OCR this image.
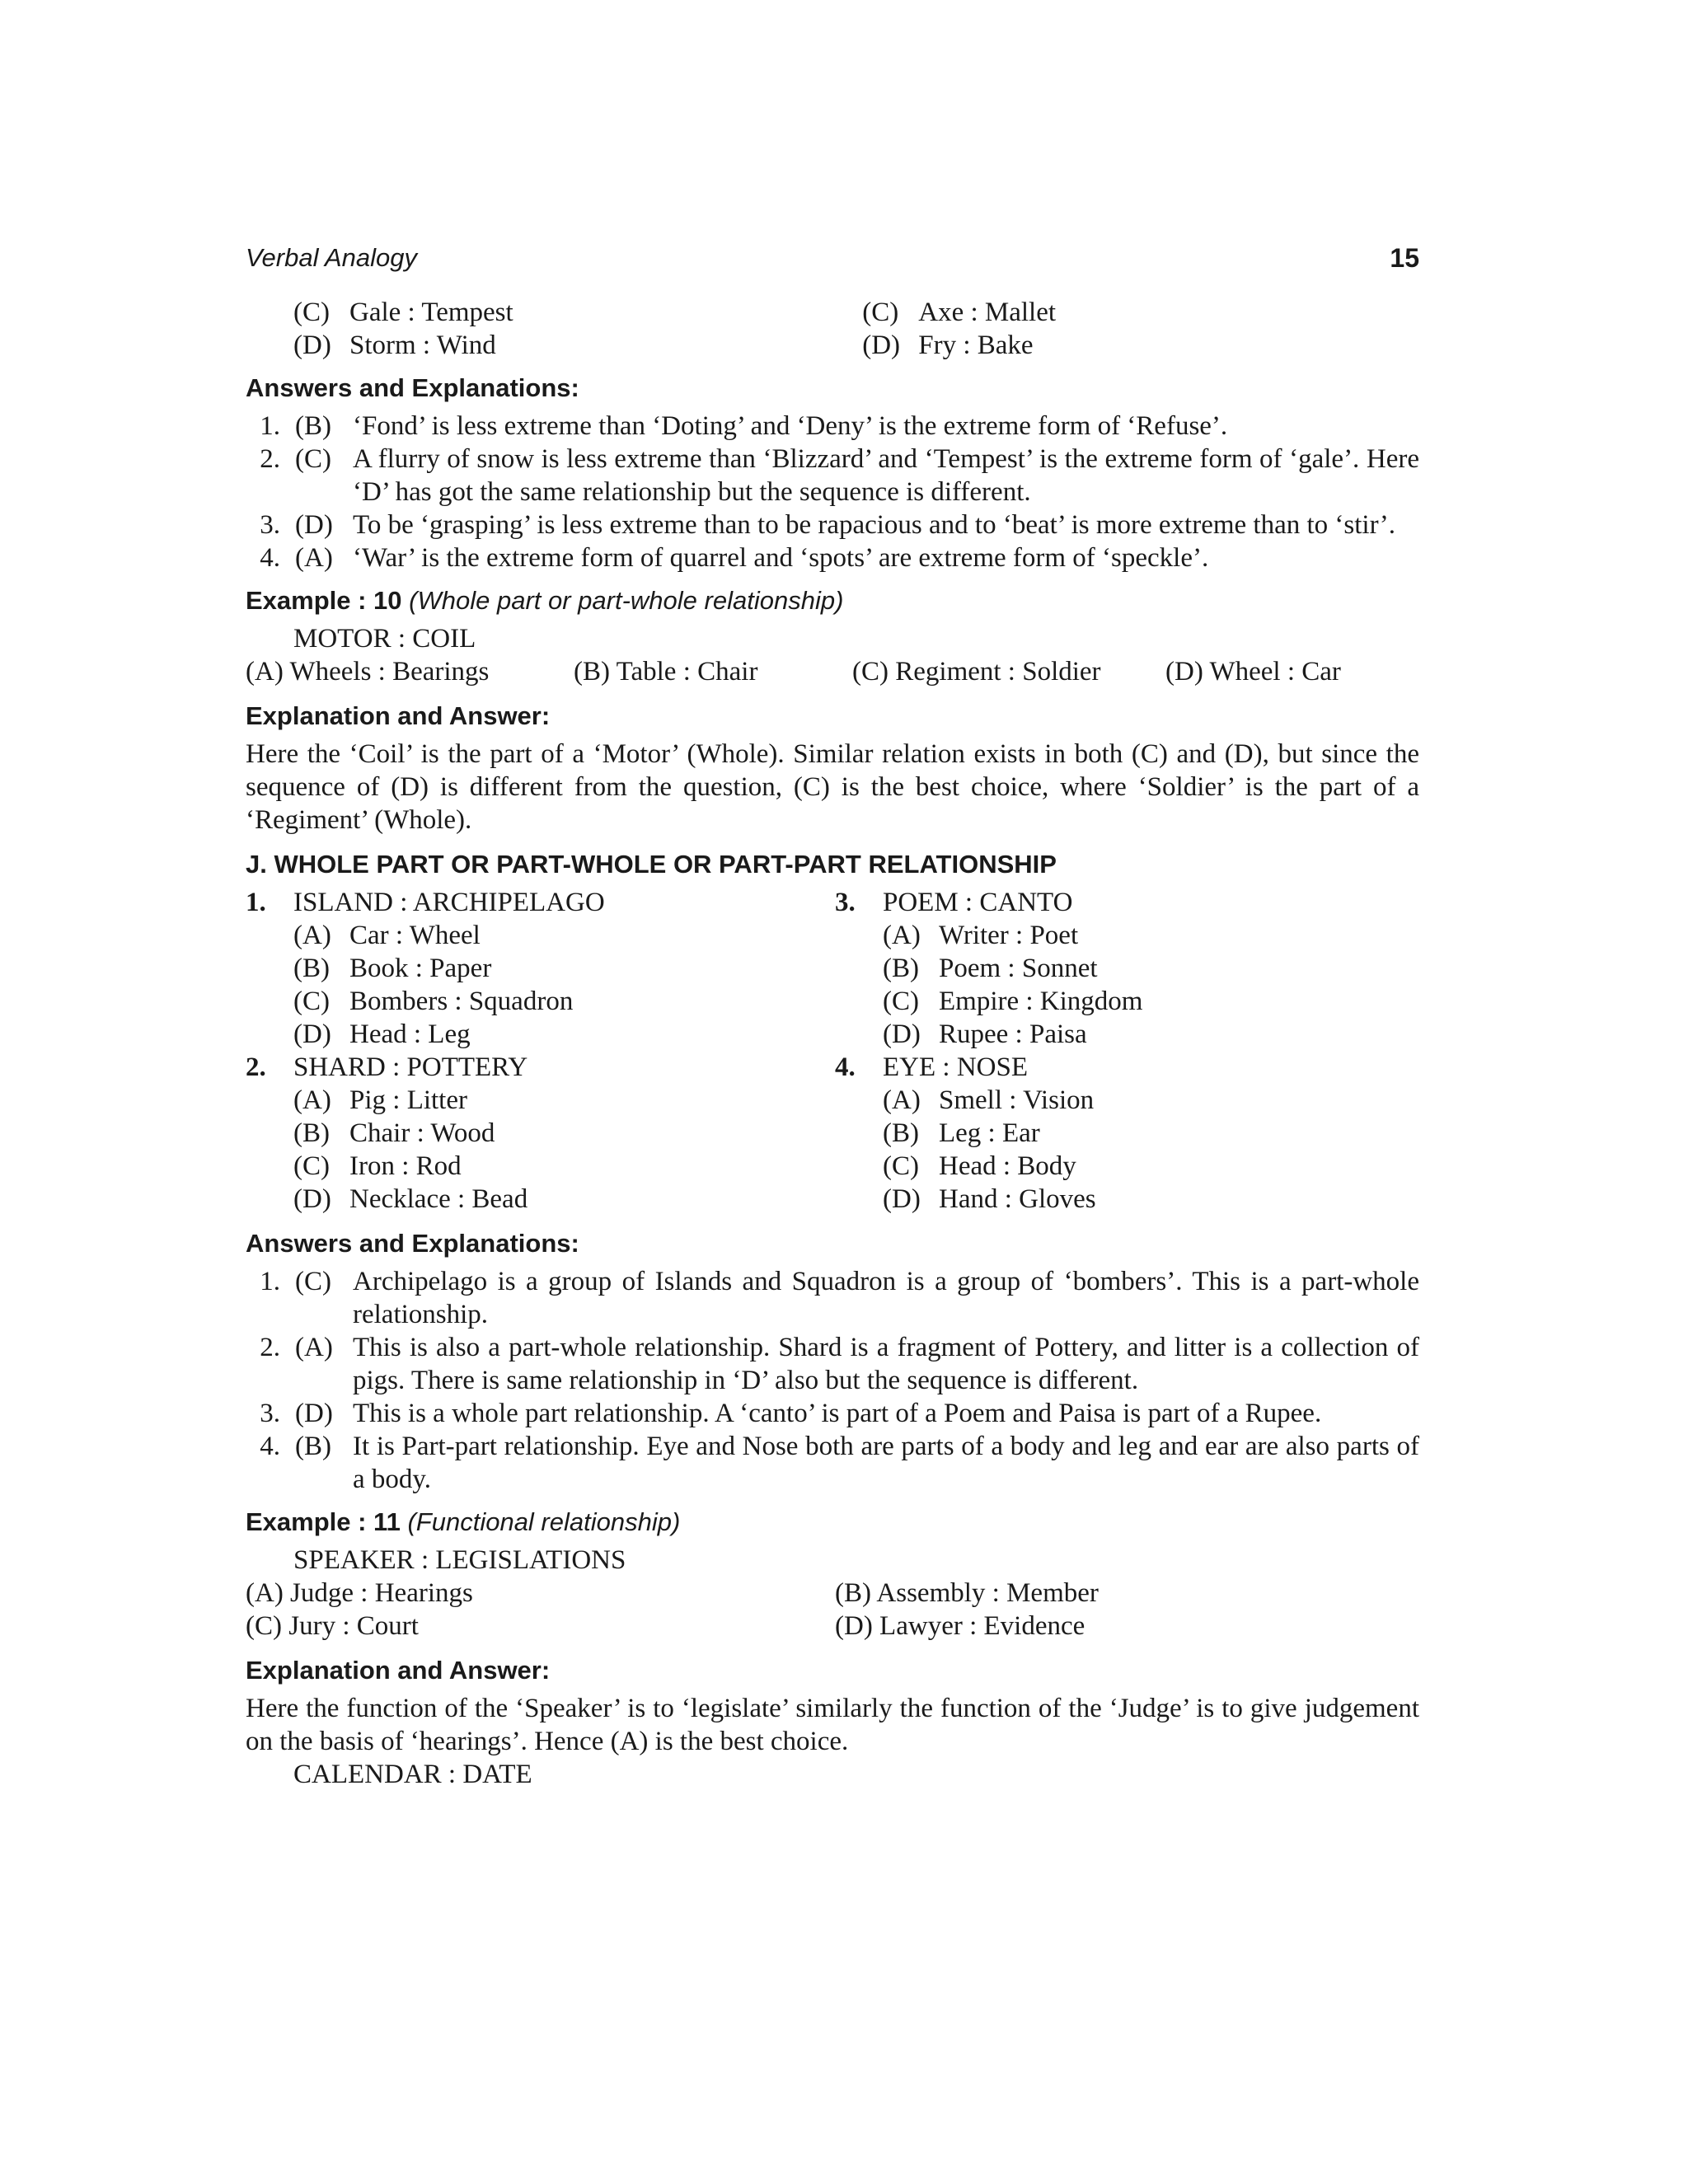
Verbal Analogy	15
(C) Gale : Tempest
(D) Storm : Wind
(C) Axe : Mallet
(D) Fry : Bake
Answers and Explanations:
1. (B) ‘Fond’ is less extreme than ‘Doting’ and ‘Deny’ is the extreme form of ‘Refuse’.
2. (C) A flurry of snow is less extreme than ‘Blizzard’ and ‘Tempest’ is the extreme form of ‘gale’. Here ‘D’ has got the same relationship but the sequence is different.
3. (D) To be ‘grasping’ is less extreme than to be rapacious and to ‘beat’ is more extreme than to ‘stir’.
4. (A) ‘War’ is the extreme form of quarrel and ‘spots’ are extreme form of ‘speckle’.
Example : 10 (Whole part or part-whole relationship)
MOTOR : COIL
(A) Wheels : Bearings	(B) Table : Chair	(C) Regiment : Soldier	(D) Wheel : Car
Explanation and Answer:
Here the ‘Coil’ is the part of a ‘Motor’ (Whole). Similar relation exists in both (C) and (D), but since the sequence of (D) is different from the question, (C) is the best choice, where ‘Soldier’ is the part of a ‘Regiment’ (Whole).
J. WHOLE PART OR PART-WHOLE OR PART-PART RELATIONSHIP
1.	ISLAND : ARCHIPELAGO
(A) Car : Wheel
(B) Book : Paper
(C) Bombers : Squadron
(D) Head : Leg
2.	SHARD : POTTERY
(A) Pig : Litter
(B) Chair : Wood
(C) Iron : Rod
(D) Necklace : Bead
3.	POEM : CANTO
(A) Writer : Poet
(B) Poem : Sonnet
(C) Empire : Kingdom
(D) Rupee : Paisa
4.	EYE : NOSE
(A) Smell : Vision
(B) Leg : Ear
(C) Head : Body
(D) Hand : Gloves
Answers and Explanations:
1. (C) Archipelago is a group of Islands and Squadron is a group of ‘bombers’. This is a part-whole relationship.
2. (A) This is also a part-whole relationship. Shard is a fragment of Pottery, and litter is a collection of pigs. There is same relationship in ‘D’ also but the sequence is different.
3. (D) This is a whole part relationship. A ‘canto’ is part of a Poem and Paisa is part of a Rupee.
4. (B) It is Part-part relationship. Eye and Nose both are parts of a body and leg and ear are also parts of a body.
Example : 11 (Functional relationship)
SPEAKER : LEGISLATIONS
(A) Judge : Hearings
(C) Jury : Court
(B) Assembly : Member
(D) Lawyer : Evidence
Explanation and Answer:
Here the function of the ‘Speaker’ is to ‘legislate’ similarly the function of the ‘Judge’ is to give judgement on the basis of ‘hearings’. Hence (A) is the best choice.
CALENDAR : DATE
